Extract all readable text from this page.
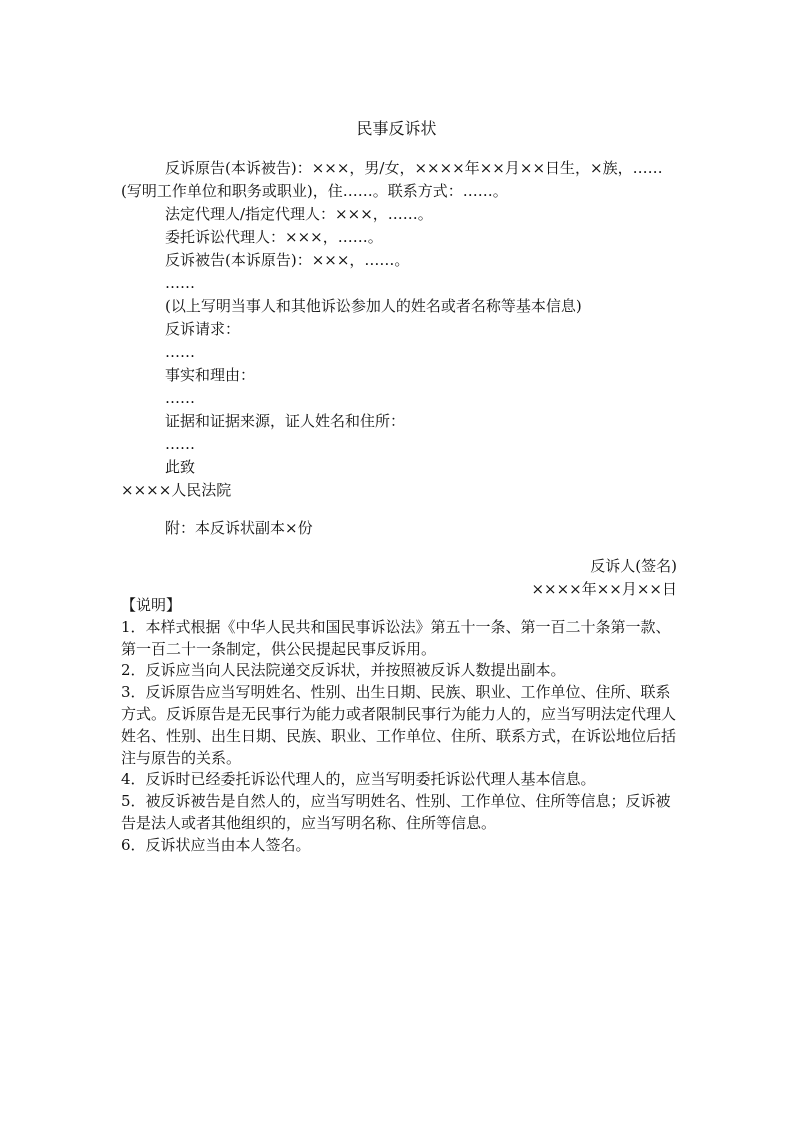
民事反诉状

反诉原告(本诉被告)：×××，男/女，××××年××月××日生，×族，……(写明工作单位和职务或职业)，住……。联系方式：……。

法定代理人/指定代理人：×××，……。

委托诉讼代理人：×××，……。

反诉被告(本诉原告)：×××，……。

……

(以上写明当事人和其他诉讼参加人的姓名或者名称等基本信息)

反诉请求：

……

事实和理由：

……

证据和证据来源，证人姓名和住所：

……

此致

××××人民法院

附：本反诉状副本×份

反诉人(签名)

××××年××月××日

【说明】

1．本样式根据《中华人民共和国民事诉讼法》第五十一条、第一百二十条第一款、第一百二十一条制定，供公民提起民事反诉用。

2．反诉应当向人民法院递交反诉状，并按照被反诉人数提出副本。

3．反诉原告应当写明姓名、性别、出生日期、民族、职业、工作单位、住所、联系方式。反诉原告是无民事行为能力或者限制民事行为能力人的，应当写明法定代理人姓名、性别、出生日期、民族、职业、工作单位、住所、联系方式，在诉讼地位后括注与原告的关系。

4．反诉时已经委托诉讼代理人的，应当写明委托诉讼代理人基本信息。

5．被反诉被告是自然人的，应当写明姓名、性别、工作单位、住所等信息；反诉被告是法人或者其他组织的，应当写明名称、住所等信息。

6．反诉状应当由本人签名。
